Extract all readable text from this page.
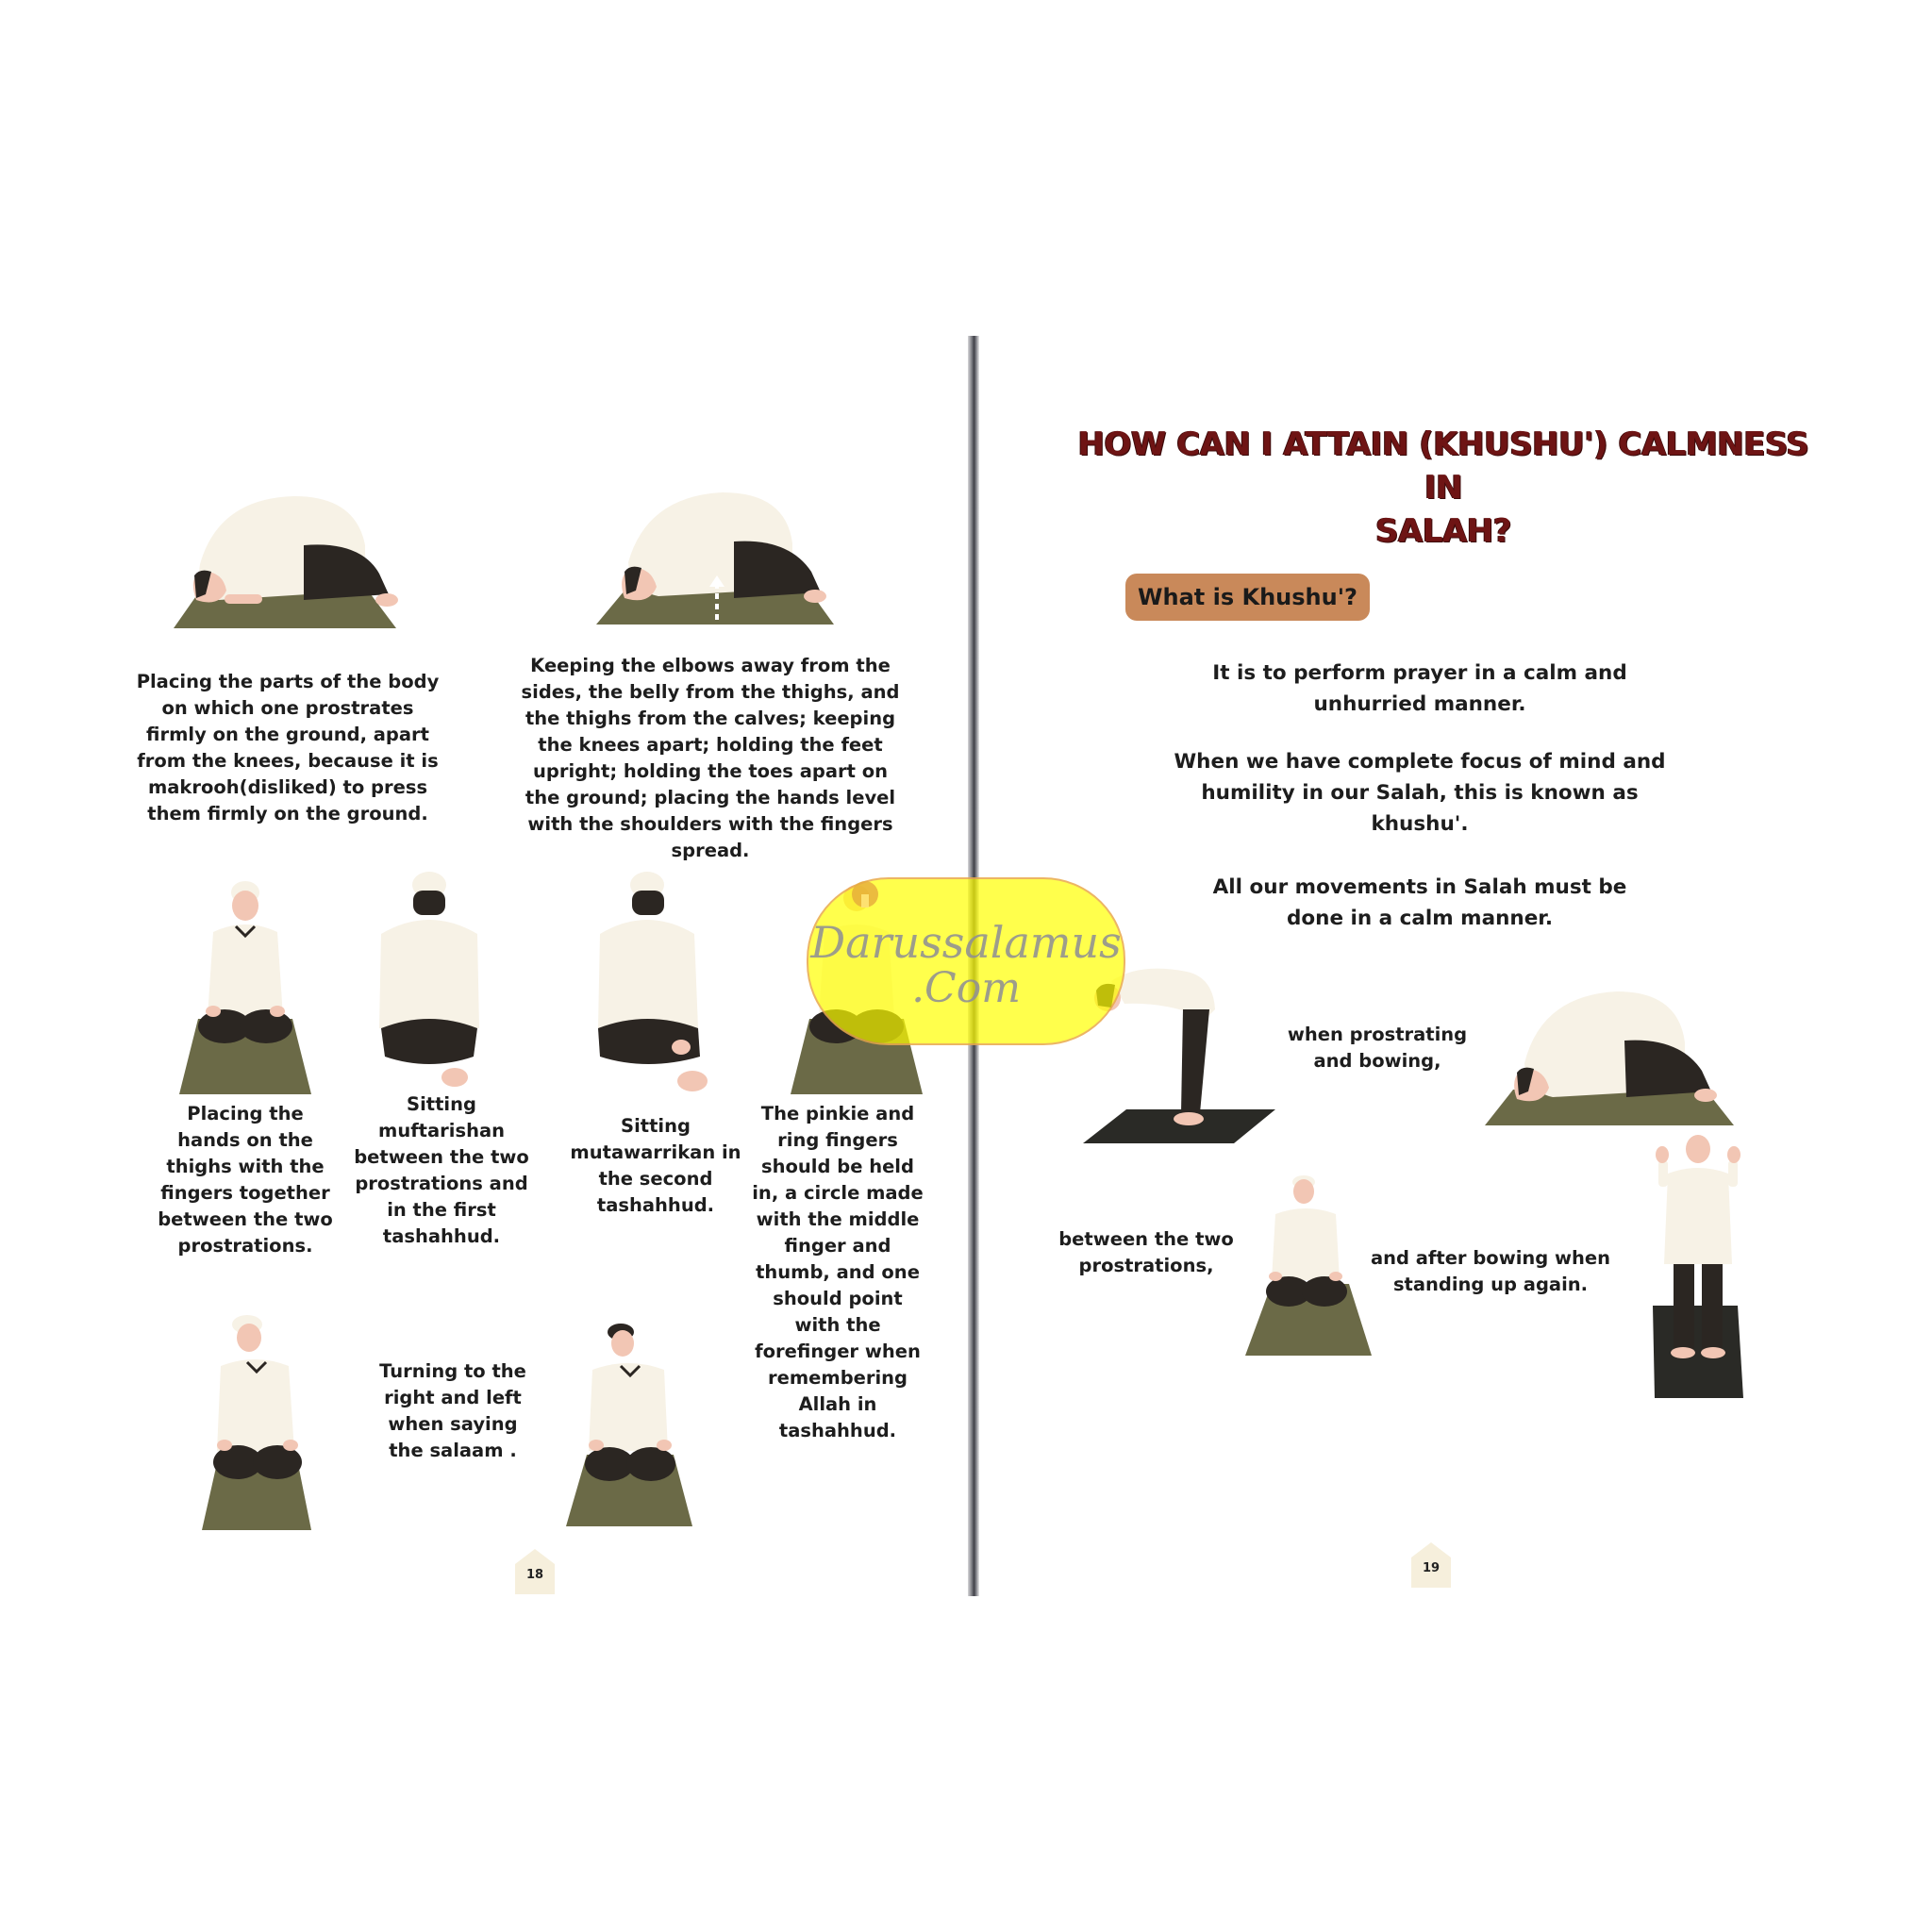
Placing the parts of the body
on which one prostrates
firmly on the ground, apart
from the knees, because it is
makrooh(disliked) to press
them firmly on the ground.
Keeping the elbows away from the
sides, the belly from the thighs, and
the thighs from the calves; keeping
the knees apart; holding the feet
upright; holding the toes apart on
the ground; placing the hands level
with the shoulders with the fingers
spread.
Placing the
hands on the
thighs with the
fingers together
between the two
prostrations.
Sitting
muftarishan
between the two
prostrations and
in the first
tashahhud.
Sitting
mutawarrikan in
the second
tashahhud.
The pinkie and
ring fingers
should be held
in, a circle made
with the middle
finger and
thumb, and one
should point
with the
forefinger when
remembering
Allah in
tashahhud.
Turning to the
right and left
when saying
the salaam .
18
HOW CAN I ATTAIN (KHUSHU') CALMNESS IN
SALAH?
What is Khushu'?
It is to perform prayer in a calm and
unhurried manner.
When we have complete focus of mind and
humility in our Salah, this is known as
khushu'.
All our movements in Salah must be
done in a calm manner.
when prostrating
and bowing,
between the two
prostrations,	and after bowing when
standing up again.
19
Darussalamus
.Com
